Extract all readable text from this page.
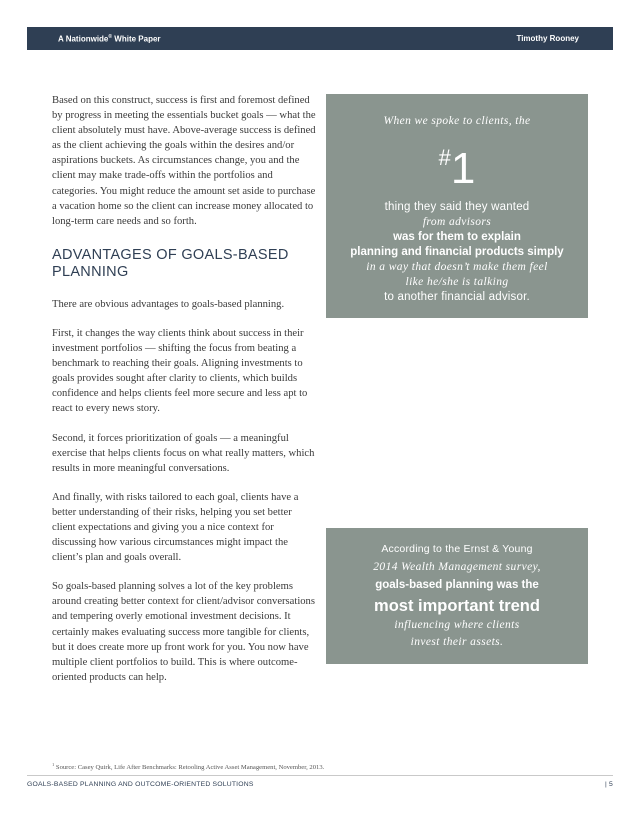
A Nationwide® White Paper	Timothy Rooney

Based on this construct, success is first and foremost defined by progress in meeting the essentials bucket goals — what the client absolutely must have. Above-average success is defined as the client achieving the goals within the desires and/or aspirations buckets. As circumstances change, you and the client may make trade-offs within the portfolios and categories. You might reduce the amount set aside to purchase a vacation home so the client can increase money allocated to long-term care needs and so forth.

ADVANTAGES OF GOALS-BASED PLANNING

There are obvious advantages to goals-based planning.

First, it changes the way clients think about success in their investment portfolios — shifting the focus from beating a benchmark to reaching their goals. Aligning investments to goals provides sought after clarity to clients, which builds confidence and helps clients feel more secure and less apt to react to every news story.

Second, it forces prioritization of goals — a meaningful exercise that helps clients focus on what really matters, which results in more meaningful conversations.

And finally, with risks tailored to each goal, clients have a better understanding of their risks, helping you set better client expectations and giving you a nice context for discussing how various circumstances might impact the client’s plan and goals overall.

So goals-based planning solves a lot of the key problems around creating better context for client/advisor conversations and tempering overly emotional investment decisions. It certainly makes evaluating success more tangible for clients, but it does create more up front work for you. You now have multiple client portfolios to build. This is where outcome-oriented products can help.

When we spoke to clients, the
#1
thing they said they wanted
from advisors
was for them to explain
planning and financial products simply
in a way that doesn’t make them feel
like he/she is talking
to another financial advisor.
According to the Ernst & Young
2014 Wealth Management survey,
goals-based planning was the
most important trend
influencing where clients
invest their assets.
$^1$ Source: Casey Quirk, Life After Benchmarks: Retooling Active Asset Management, November, 2013.
GOALS-BASED PLANNING AND OUTCOME-ORIENTED SOLUTIONS	| 5
